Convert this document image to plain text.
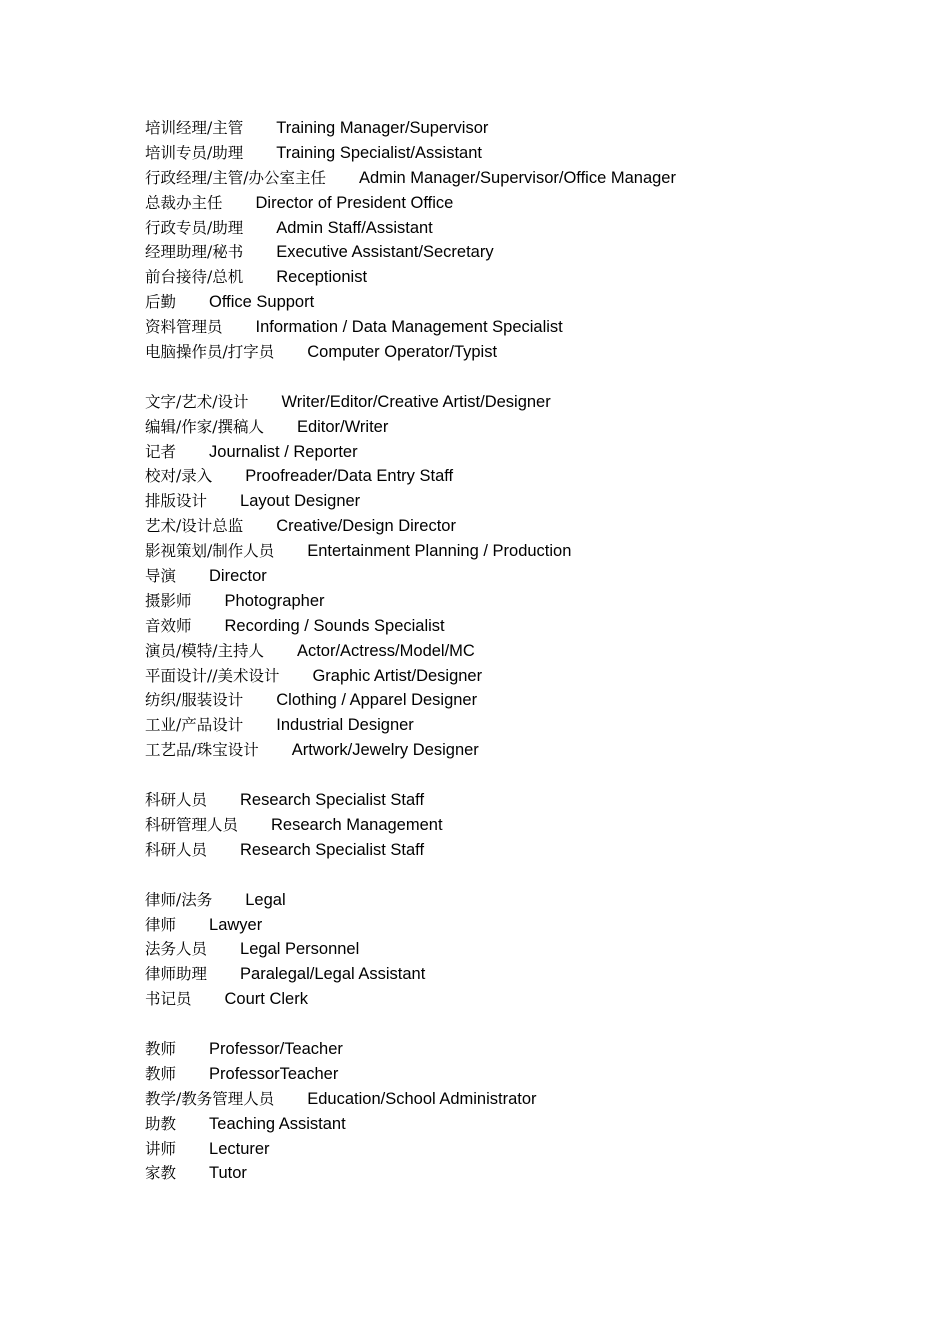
培训经理/主管 Training Manager/Supervisor
培训专员/助理 Training Specialist/Assistant
行政经理/主管/办公室主任 Admin Manager/Supervisor/Office Manager
总裁办主任 Director of President Office
行政专员/助理 Admin Staff/Assistant
经理助理/秘书 Executive Assistant/Secretary
前台接待/总机 Receptionist
后勤 Office Support
资料管理员 Information / Data Management Specialist
电脑操作员/打字员 Computer Operator/Typist
文字/艺术/设计 Writer/Editor/Creative Artist/Designer
编辑/作家/撰稿人 Editor/Writer
记者 Journalist / Reporter
校对/录入 Proofreader/Data Entry Staff
排版设计 Layout Designer
艺术/设计总监 Creative/Design Director
影视策划/制作人员 Entertainment Planning / Production
导演 Director
摄影师 Photographer
音效师 Recording / Sounds Specialist
演员/模特/主持人 Actor/Actress/Model/MC
平面设计//美术设计 Graphic Artist/Designer
纺织/服装设计 Clothing / Apparel Designer
工业/产品设计 Industrial Designer
工艺品/珠宝设计 Artwork/Jewelry Designer
科研人员 Research Specialist Staff
科研管理人员 Research Management
科研人员 Research Specialist Staff
律师/法务 Legal
律师 Lawyer
法务人员 Legal Personnel
律师助理 Paralegal/Legal Assistant
书记员 Court Clerk
教师 Professor/Teacher
教师 ProfessorTeacher
教学/教务管理人员 Education/School Administrator
助教 Teaching Assistant
讲师 Lecturer
家教 Tutor
